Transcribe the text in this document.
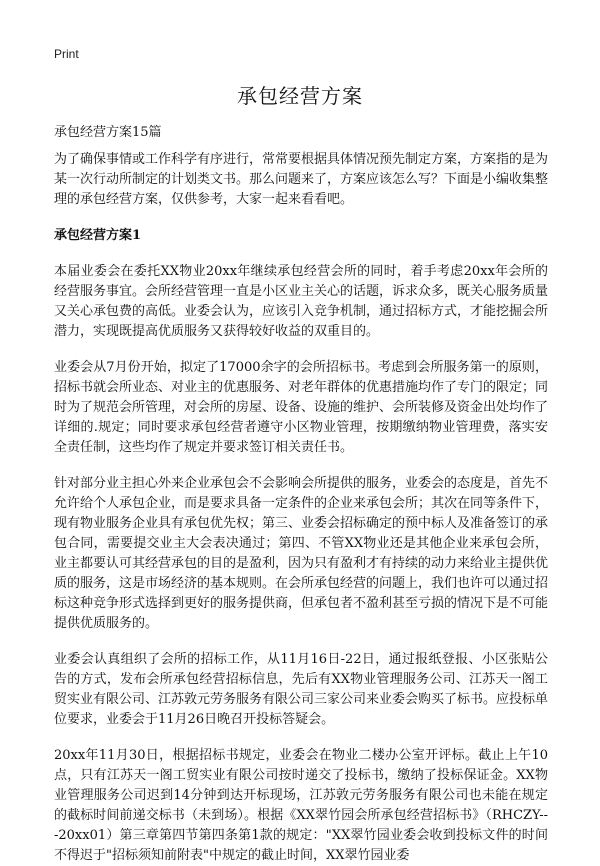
Print
承包经营方案

承包经营方案15篇

为了确保事情或工作科学有序进行，常常要根据具体情况预先制定方案，方案指的是为某一次行动所制定的计划类文书。那么问题来了，方案应该怎么写？下面是小编收集整理的承包经营方案，仅供参考，大家一起来看看吧。

承包经营方案1

本届业委会在委托XX物业20xx年继续承包经营会所的同时，着手考虑20xx年会所的经营服务事宜。会所经营管理一直是小区业主关心的话题，诉求众多，既关心服务质量又关心承包费的高低。业委会认为，应该引入竞争机制，通过招标方式，才能挖掘会所潜力，实现既提高优质服务又获得较好收益的双重目的。

业委会从7月份开始，拟定了17000余字的会所招标书。考虑到会所服务第一的原则，招标书就会所业态、对业主的优惠服务、对老年群体的优惠措施均作了专门的限定；同时为了规范会所管理，对会所的房屋、设备、设施的维护、会所装修及资金出处均作了详细的.规定；同时要求承包经营者遵守小区物业管理，按期缴纳物业管理费，落实安全责任制，这些均作了规定并要求签订相关责任书。

针对部分业主担心外来企业承包会不会影响会所提供的服务，业委会的态度是，首先不允许给个人承包企业，而是要求具备一定条件的企业来承包会所；其次在同等条件下，现有物业服务企业具有承包优先权；第三、业委会招标确定的预中标人及准备签订的承包合同，需要提交业主大会表决通过；第四、不管XX物业还是其他企业来承包会所，业主都要认可其经营承包的目的是盈利，因为只有盈利才有持续的动力来给业主提供优质的服务，这是市场经济的基本规则。在会所承包经营的问题上，我们也许可以通过招标这种竞争形式选择到更好的服务提供商，但承包者不盈利甚至亏损的情况下是不可能提供优质服务的。

业委会认真组织了会所的招标工作，从11月16日-22日，通过报纸登报、小区张贴公告的方式，发布会所承包经营招标信息，先后有XX物业管理服务公司、江苏天一阁工贸实业有限公司、江苏敦元劳务服务有限公司三家公司来业委会购买了标书。应投标单位要求，业委会于11月26日晚召开投标答疑会。

20xx年11月30日，根据招标书规定，业委会在物业二楼办公室开评标。截止上午10点，只有江苏天一阁工贸实业有限公司按时递交了投标书，缴纳了投标保证金。XX物业管理服务公司迟到14分钟到达开标现场，江苏敦元劳务服务有限公司也未能在规定的截标时间前递交标书（未到场）。根据《XX翠竹园会所承包经营招标书》（RHCZY---20xx01）第三章第四节第四条第1款的规定："XX翠竹园业委会收到投标文件的时间不得迟于"招标须知前附表"中规定的截止时间，XX翠竹园业委
